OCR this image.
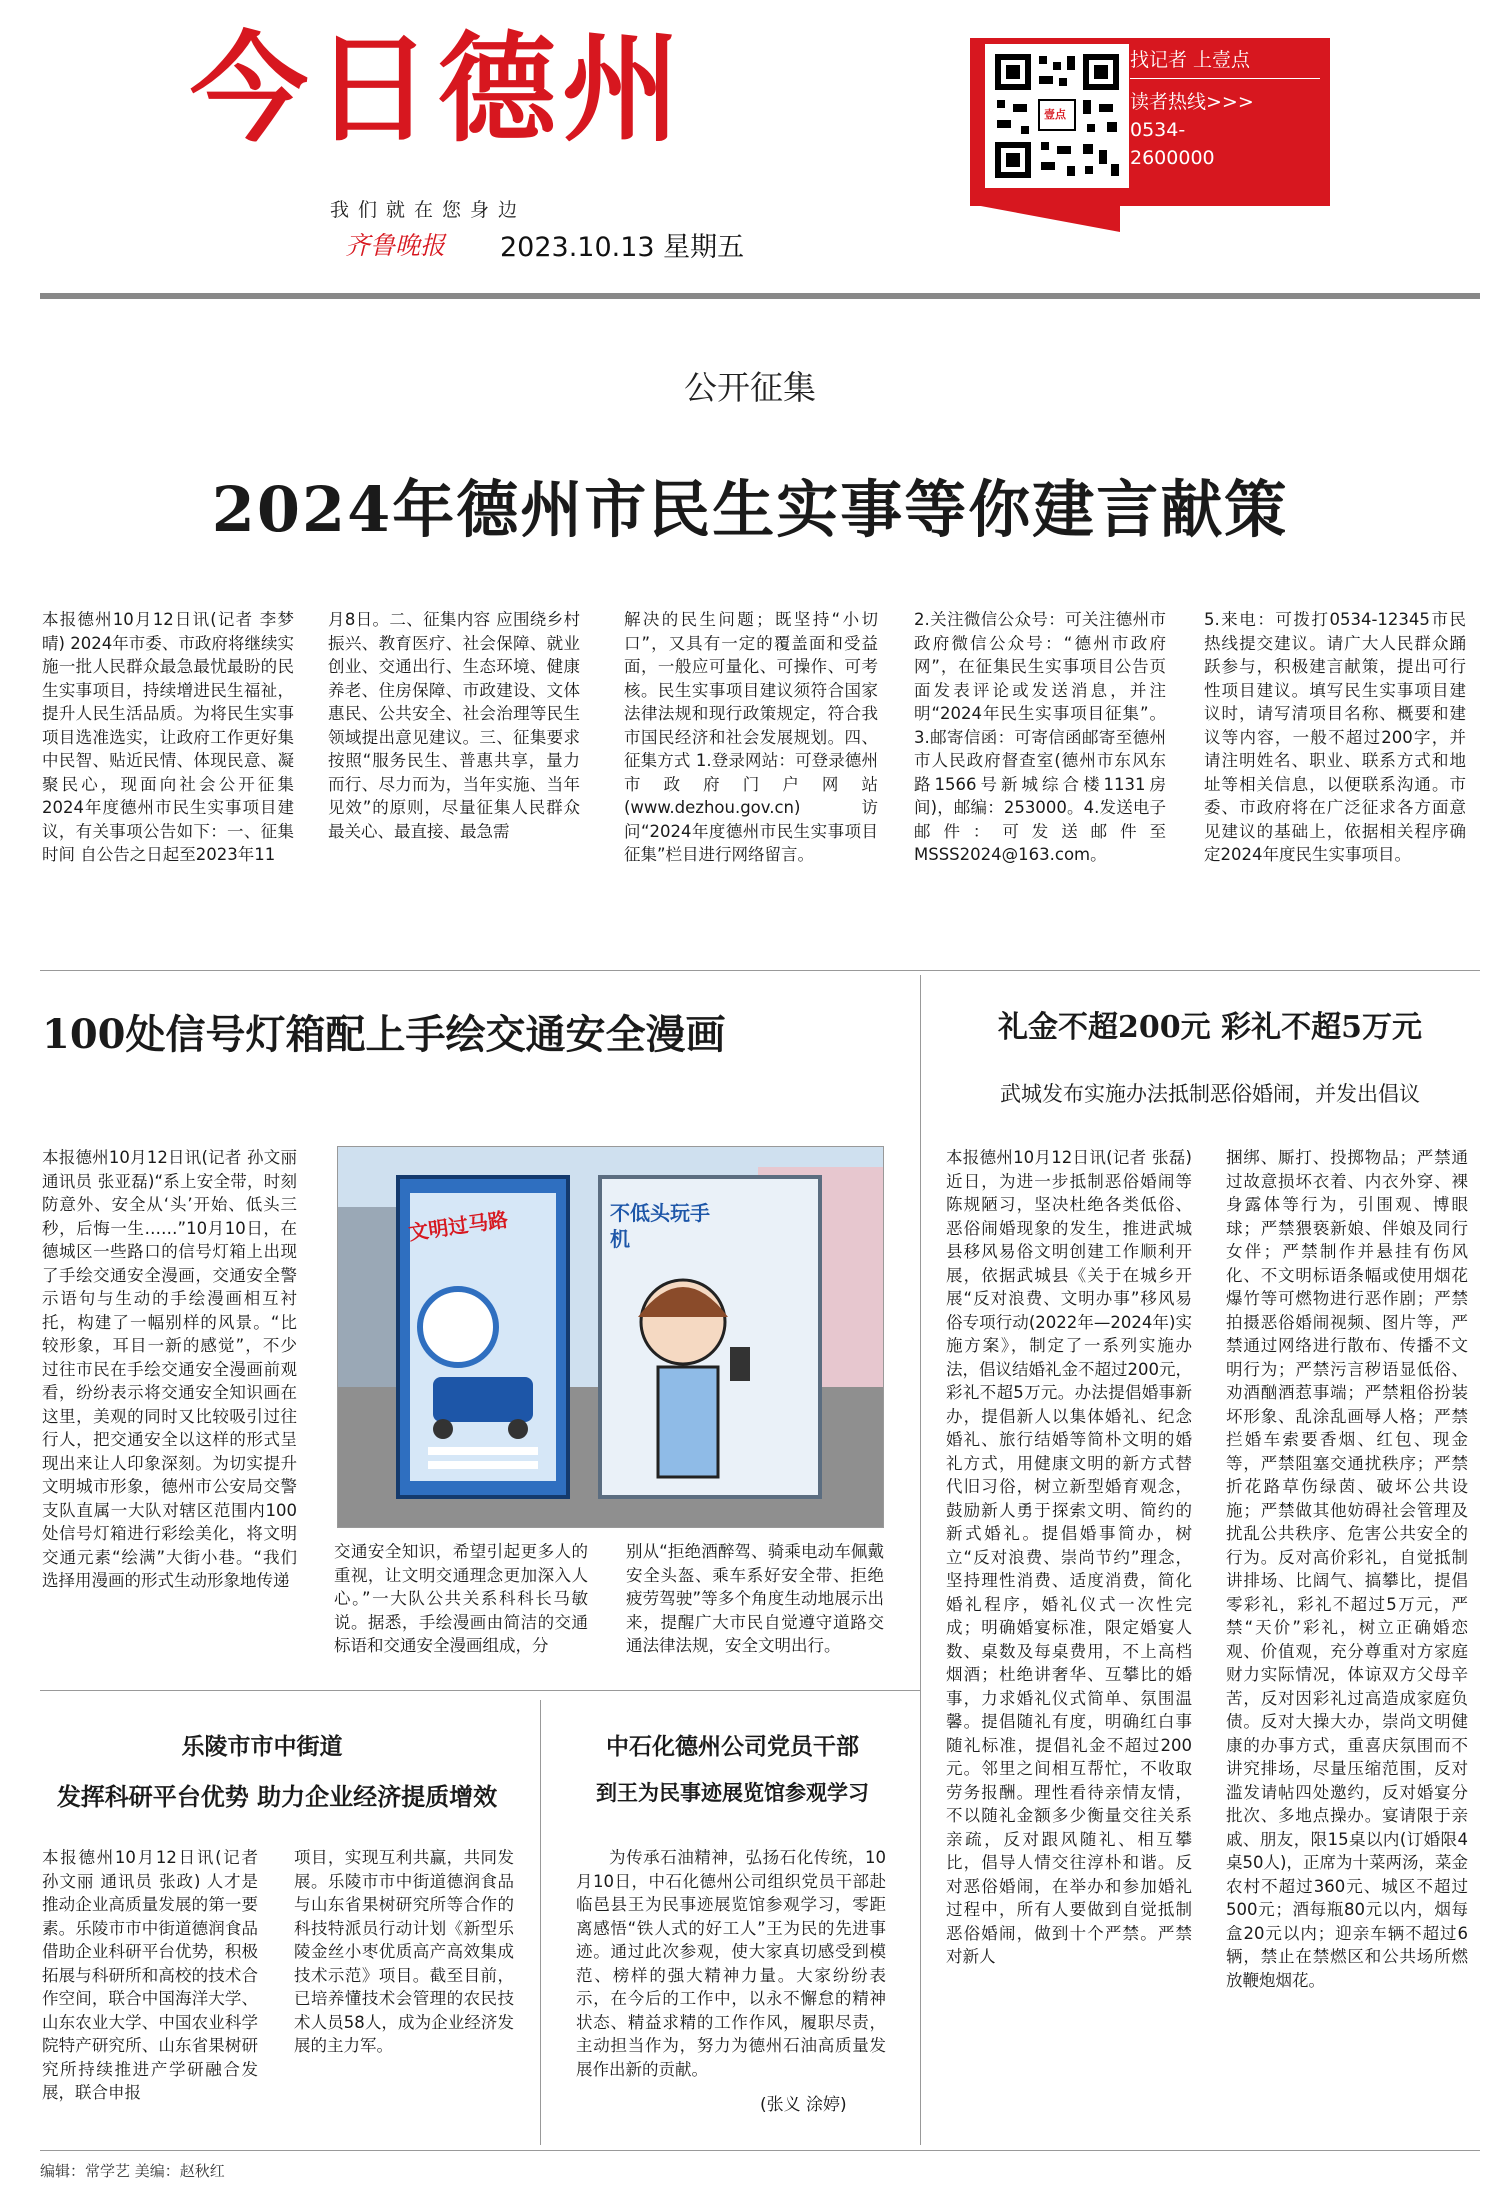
今日德州
我们就在您身边
齐鲁晚报 2023.10.13 星期五
壹点
找记者 上壹点
读者热线>>>
0534-
2600000
公开征集
2024年德州市民生实事等你建言献策
本报德州10月12日讯(记者 李梦晴) 2024年市委、市政府将继续实施一批人民群众最急最忧最盼的民生实事项目，持续增进民生福祉，提升人民生活品质。为将民生实事项目选准选实，让政府工作更好集中民智、贴近民情、体现民意、凝聚民心，现面向社会公开征集2024年度德州市民生实事项目建议，有关事项公告如下：一、征集时间 自公告之日起至2023年11
月8日。二、征集内容 应围绕乡村振兴、教育医疗、社会保障、就业创业、交通出行、生态环境、健康养老、住房保障、市政建设、文体惠民、公共安全、社会治理等民生领域提出意见建议。三、征集要求 按照“服务民生、普惠共享，量力而行、尽力而为，当年实施、当年见效”的原则，尽量征集人民群众最关心、最直接、最急需
解决的民生问题；既坚持“小切口”，又具有一定的覆盖面和受益面，一般应可量化、可操作、可考核。民生实事项目建议须符合国家法律法规和现行政策规定，符合我市国民经济和社会发展规划。四、征集方式 1.登录网站：可登录德州市政府门户网站(www.dezhou.gov.cn)访问“2024年度德州市民生实事项目征集”栏目进行网络留言。
2.关注微信公众号：可关注德州市政府微信公众号：“德州市政府网”，在征集民生实事项目公告页面发表评论或发送消息，并注明“2024年民生实事项目征集”。3.邮寄信函：可寄信函邮寄至德州市人民政府督查室(德州市东风东路1566号新城综合楼1131房间)，邮编：253000。4.发送电子邮件：可发送邮件至MSSS2024@163.com。
5.来电：可拨打0534-12345市民热线提交建议。请广大人民群众踊跃参与，积极建言献策，提出可行性项目建议。填写民生实事项目建议时，请写清项目名称、概要和建议等内容，一般不超过200字，并请注明姓名、职业、联系方式和地址等相关信息，以便联系沟通。市委、市政府将在广泛征求各方面意见建议的基础上，依据相关程序确定2024年度民生实事项目。
100处信号灯箱配上手绘交通安全漫画
本报德州10月12日讯(记者 孙文丽 通讯员 张亚磊)“系上安全带，时刻防意外、安全从‘头’开始、低头三秒，后悔一生……”10月10日，在德城区一些路口的信号灯箱上出现了手绘交通安全漫画，交通安全警示语句与生动的手绘漫画相互衬托，构建了一幅别样的风景。“比较形象，耳目一新的感觉”，不少过往市民在手绘交通安全漫画前观看，纷纷表示将交通安全知识画在这里，美观的同时又比较吸引过往行人，把交通安全以这样的形式呈现出来让人印象深刻。为切实提升文明城市形象，德州市公安局交警支队直属一大队对辖区范围内100处信号灯箱进行彩绘美化，将文明交通元素“绘满”大街小巷。“我们选择用漫画的形式生动形象地传递
文明过马路	不低头玩手机
交通安全知识，希望引起更多人的重视，让文明交通理念更加深入人心。”一大队公共关系科科长马敏说。据悉，手绘漫画由简洁的交通标语和交通安全漫画组成，分
别从“拒绝酒醉驾、骑乘电动车佩戴安全头盔、乘车系好安全带、拒绝疲劳驾驶”等多个角度生动地展示出来，提醒广大市民自觉遵守道路交通法律法规，安全文明出行。
乐陵市市中街道
发挥科研平台优势 助力企业经济提质增效
本报德州10月12日讯(记者 孙文丽 通讯员 张政) 人才是推动企业高质量发展的第一要素。乐陵市市中街道德润食品借助企业科研平台优势，积极拓展与科研所和高校的技术合作空间，联合中国海洋大学、山东农业大学、中国农业科学院特产研究所、山东省果树研究所持续推进产学研融合发展，联合申报
项目，实现互利共赢，共同发展。乐陵市市中街道德润食品与山东省果树研究所等合作的科技特派员行动计划《新型乐陵金丝小枣优质高产高效集成技术示范》项目。截至目前，已培养懂技术会管理的农民技术人员58人，成为企业经济发展的主力军。
中石化德州公司党员干部
到王为民事迹展览馆参观学习
为传承石油精神，弘扬石化传统，10月10日，中石化德州公司组织党员干部赴临邑县王为民事迹展览馆参观学习，零距离感悟“铁人式的好工人”王为民的先进事迹。通过此次参观，使大家真切感受到模范、榜样的强大精神力量。大家纷纷表示，在今后的工作中，以永不懈怠的精神状态、精益求精的工作作风，履职尽责，主动担当作为，努力为德州石油高质量发展作出新的贡献。
(张义 涂婷)
礼金不超200元 彩礼不超5万元
武城发布实施办法抵制恶俗婚闹，并发出倡议
本报德州10月12日讯(记者 张磊) 近日，为进一步抵制恶俗婚闹等陈规陋习，坚决杜绝各类低俗、恶俗闹婚现象的发生，推进武城县移风易俗文明创建工作顺利开展，依据武城县《关于在城乡开展“反对浪费、文明办事”移风易俗专项行动(2022年—2024年)实施方案》，制定了一系列实施办法，倡议结婚礼金不超过200元，彩礼不超5万元。办法提倡婚事新办，提倡新人以集体婚礼、纪念婚礼、旅行结婚等简朴文明的婚礼方式，用健康文明的新方式替代旧习俗，树立新型婚育观念，鼓励新人勇于探索文明、简约的新式婚礼。提倡婚事简办，树立“反对浪费、崇尚节约”理念，坚持理性消费、适度消费，简化婚礼程序，婚礼仪式一次性完成；明确婚宴标准，限定婚宴人数、桌数及每桌费用，不上高档烟酒；杜绝讲奢华、互攀比的婚事，力求婚礼仪式简单、氛围温馨。提倡随礼有度，明确红白事随礼标准，提倡礼金不超过200元。邻里之间相互帮忙，不收取劳务报酬。理性看待亲情友情，不以随礼金额多少衡量交往关系亲疏，反对跟风随礼、相互攀比，倡导人情交往淳朴和谐。反对恶俗婚闹，在举办和参加婚礼过程中，所有人要做到自觉抵制恶俗婚闹，做到十个严禁。严禁对新人
捆绑、厮打、投掷物品；严禁通过故意损坏衣着、内衣外穿、裸身露体等行为，引围观、博眼球；严禁猥亵新娘、伴娘及同行女伴；严禁制作并悬挂有伤风化、不文明标语条幅或使用烟花爆竹等可燃物进行恶作剧；严禁拍摄恶俗婚闹视频、图片等，严禁通过网络进行散布、传播不文明行为；严禁污言秽语显低俗、劝酒酗酒惹事端；严禁粗俗扮装坏形象、乱涂乱画辱人格；严禁拦婚车索要香烟、红包、现金等，严禁阻塞交通扰秩序；严禁折花路草伤绿茵、破坏公共设施；严禁做其他妨碍社会管理及扰乱公共秩序、危害公共安全的行为。反对高价彩礼，自觉抵制讲排场、比阔气、搞攀比，提倡零彩礼，彩礼不超过5万元，严禁“天价”彩礼，树立正确婚恋观、价值观，充分尊重对方家庭财力实际情况，体谅双方父母辛苦，反对因彩礼过高造成家庭负债。反对大操大办，崇尚文明健康的办事方式，重喜庆氛围而不讲究排场，尽量压缩范围，反对滥发请帖四处邀约，反对婚宴分批次、多地点操办。宴请限于亲戚、朋友，限15桌以内(订婚限4桌50人)，正席为十菜两汤，菜金农村不超过360元、城区不超过500元；酒每瓶80元以内，烟每盒20元以内；迎亲车辆不超过6辆，禁止在禁燃区和公共场所燃放鞭炮烟花。
编辑：常学艺 美编：赵秋红
